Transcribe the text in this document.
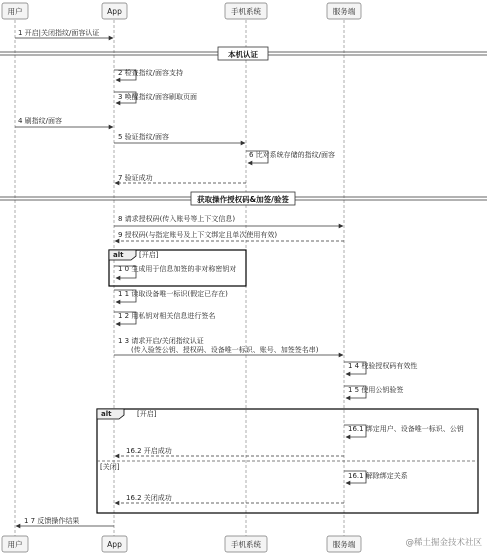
用户	App	手机系统	服务端
用户	App	手机系统	服务端
1 开启|关闭指纹/面容认证
本机认证
2 检查指纹/面容支持
3 唤醒指纹/面容刷取页面
4 刷指纹/面容
5 验证指纹/面容
6 比对系统存储的指纹/面容
7 验证成功
获取操作授权码&加签/验签
8 请求授权码(传入账号等上下文信息)
9 授权码(与指定账号及上下文绑定且单次使用有效)
alt [开启]
1 0 生成用于信息加签的非对称密钥对
1 1 读取设备唯一标识(假定已存在)
1 2 用私钥对相关信息进行签名
1 3 请求开启/关闭指纹认证
(传入验签公钥、授权码、设备唯一标识、账号、加签签名串)
1 4 校验授权码有效性
1 5 使用公钥验签
alt	[开启]
[关闭]
16.1 绑定用户、设备唯一标识、公钥
16.2 开启成功
16.1 解除绑定关系
16.2 关闭成功
1 7 反馈操作结果
@稀土掘金技术社区
